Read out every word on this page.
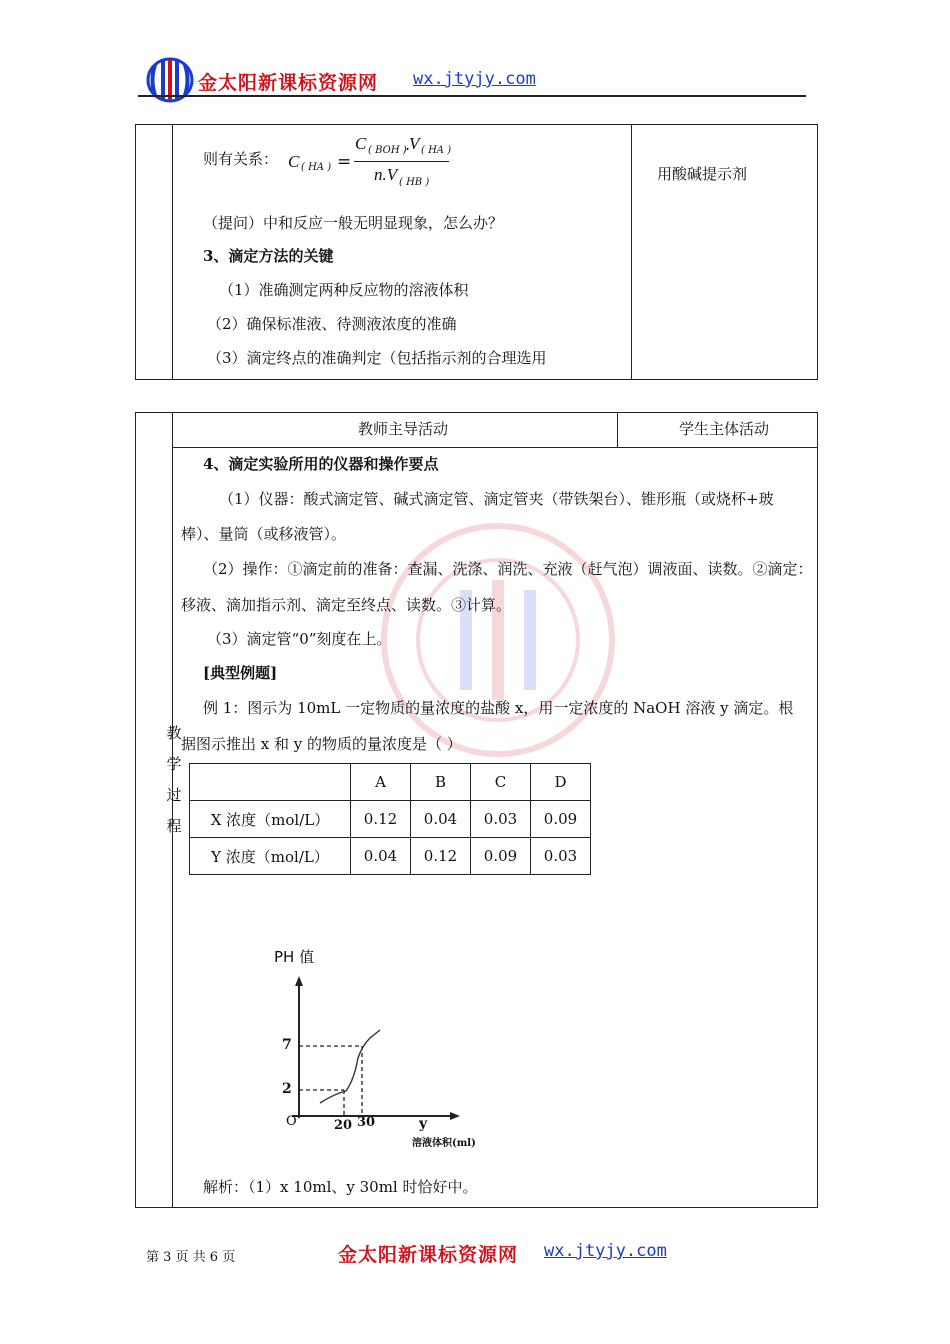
金太阳新课标资源网 wx.jtyjy.com
则有关系： C ( HA ) =
C ( BOH )
.
V ( HA )
n.V ( HB )
（提问）中和反应一般无明显现象，怎么办？
3、滴定方法的关键
（1）准确测定两种反应物的溶液体积
（2）确保标准液、待测液浓度的准确
（3）滴定终点的准确判定（包括指示剂的合理选用
用酸碱提示剂
教师主导活动	学生主体活动
教
学
过
程
4、滴定实验所用的仪器和操作要点
（1）仪器：酸式滴定管、碱式滴定管、滴定管夹（带铁架台）、锥形瓶（或烧杯+玻
棒）、量筒（或移液管）。
（2）操作：①滴定前的准备：查漏、洗涤、润洗、充液（赶气泡）调液面、读数。②滴定：
移液、滴加指示剂、滴定至终点、读数。③计算。
（3）滴定管“0”刻度在上。
[典型例题]
例 1：图示为 10mL 一定物质的量浓度的盐酸 x，用一定浓度的 NaOH 溶液 y 滴定。根
据图示推出 x 和 y 的物质的量浓度是（ ）
	A	B	C	D
X 浓度（mol/L）	0.12	0.04	0.03	0.09
Y 浓度（mol/L）	0.04	0.12	0.09	0.03
PH 值
7
2
O	20 30	y
溶液体积(ml)
解析：（1）x 10ml、y 30ml 时恰好中。
第 3 页 共 6 页	金太阳新课标资源网 wx.jtyjy.com
